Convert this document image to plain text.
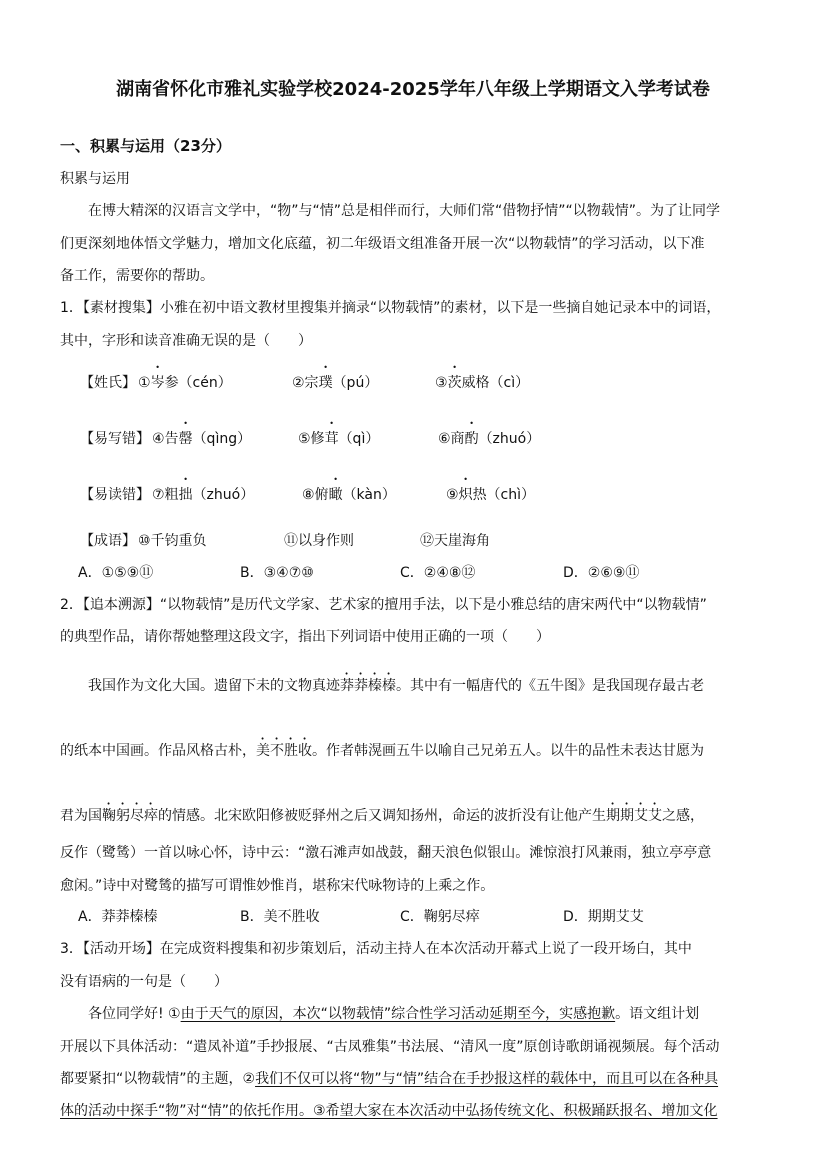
湖南省怀化市雅礼实验学校2024-2025学年八年级上学期语文入学考试卷
一、积累与运用（23分）
积累与运用
在博大精深的汉语言文学中，“物”与“情”总是相伴而行，大师们常“借物抒情”“以物载情”。为了让同学
们更深刻地体悟文学魅力，增加文化底蕴，初二年级语文组准备开展一次“以物载情”的学习活动，以下准
备工作，需要你的帮助。
1．【素材搜集】小雅在初中语文教材里搜集并摘录“以物载情”的素材，以下是一些摘自她记录本中的词语，
其中，字形和读音准确无误的是（　　）
【姓氏】 ①岑参（cén）	②宗璞（pú）	③茨威格（cì）
【易写错】 ④告罄（qìng）	⑤修茸（qì）	⑥商酌（zhuó）
【易读错】 ⑦粗拙（zhuó）	⑧俯瞰（kàn）	⑨炽热（chì）
【成语】 ⑩千钧重负	⑪以身作则	⑫天崖海角
A．①⑤⑨⑪	B．③④⑦⑩	C．②④⑧⑫	D．②⑥⑨⑪
2．【追本溯源】“以物载情”是历代文学家、艺术家的擅用手法，以下是小雅总结的唐宋两代中“以物载情”
的典型作品，请你帮她整理这段文字，指出下列词语中使用正确的一项（　　）
我国作为文化大国。遗留下未的文物真迹莽莽榛榛。其中有一幅唐代的《五牛图》是我国现存最古老
的纸本中国画。作品风格古朴，美不胜收。作者韩滉画五牛以喻自己兄弟五人。以牛的品性未表达甘愿为
君为国鞠躬尽瘁的情感。北宋欧阳修被贬驿州之后又调知扬州，命运的波折没有让他产生期期艾艾之感，
反作（鹭鸶）一首以咏心怀，诗中云：“激石滩声如战鼓，翻天浪色似银山。滩惊浪打风兼雨，独立亭亭意
愈闲。”诗中对鹭鸶的描写可谓惟妙惟肖，堪称宋代咏物诗的上乘之作。
A．莽莽榛榛	B．美不胜收	C．鞠躬尽瘁	D．期期艾艾
3．【活动开场】在完成资料搜集和初步策划后，活动主持人在本次活动开幕式上说了一段开场白，其中
没有语病的一句是（　　）
各位同学好! ①由于天气的原因，本次“以物载情”综合性学习活动延期至今，实感抱歉。语文组计划
开展以下具体活动：“遣凤补道”手抄报展、“古凤雅集”书法展、“清风一度”原创诗歌朗诵视频展。每个活动
都要紧扣“以物载情”的主题，②我们不仅可以将“物”与“情”结合在手抄报这样的载体中，而且可以在各种具
体的活动中探手“物”对“情”的依托作用。③希望大家在本次活动中弘扬传统文化、积极踊跃报名、增加文化
